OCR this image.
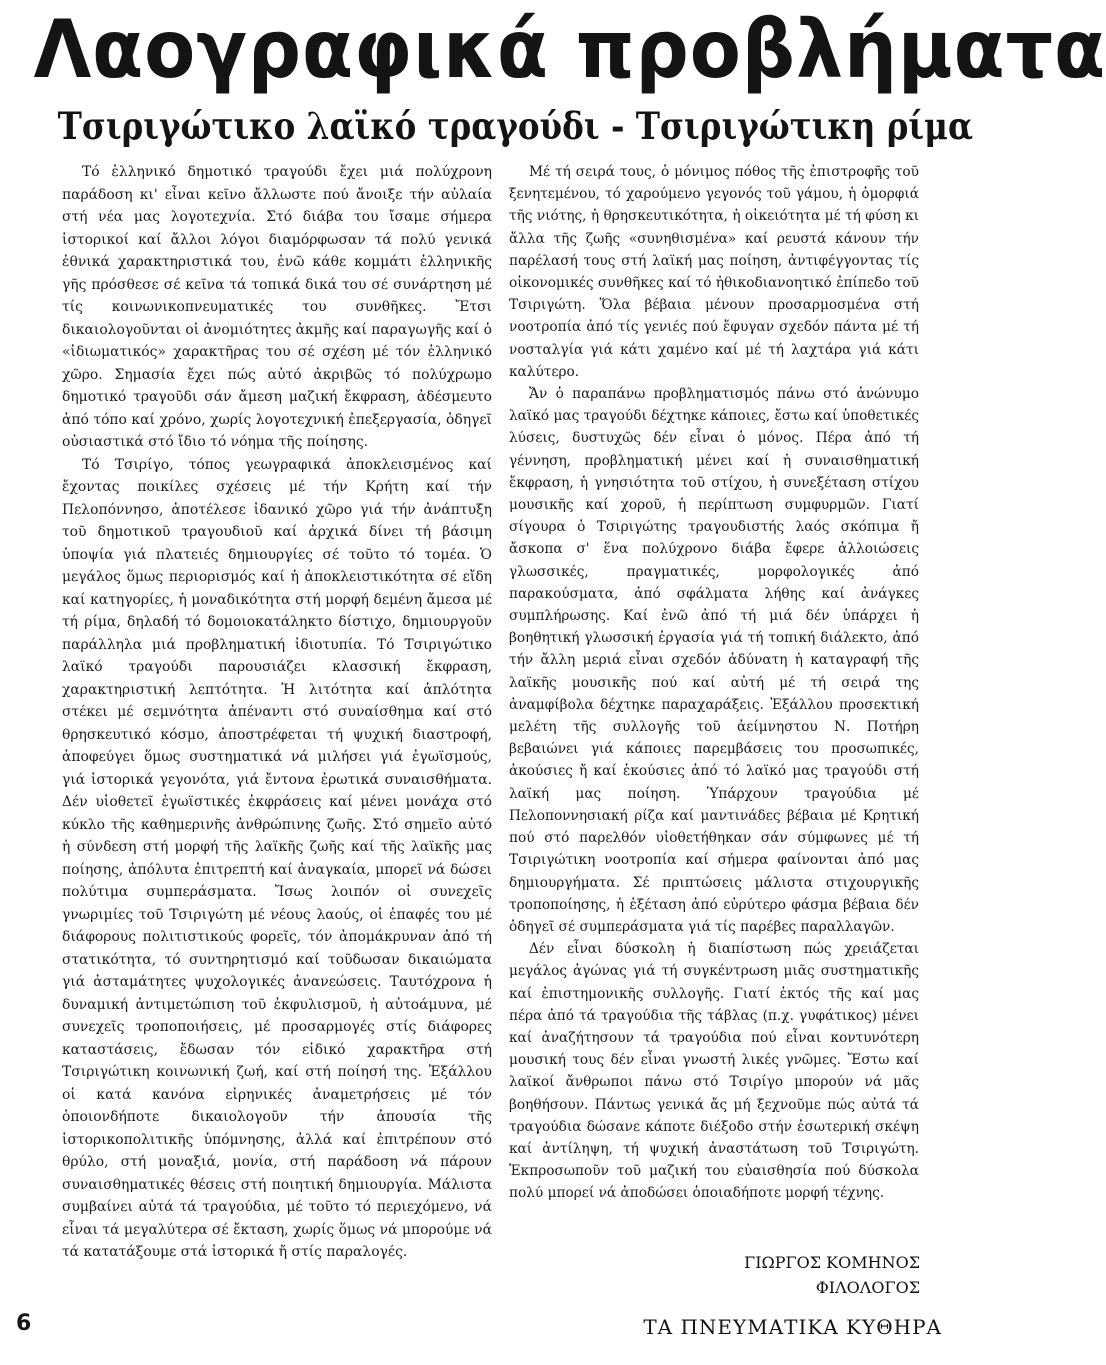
Λαογραφικά προβλήματα
Τσιριγώτικο λαϊκό τραγούδι - Τσιριγώτικη ρίμα

Τό ἑλληνικό δημοτικό τραγούδι ἔχει μιά πολύχρονη παράδοση κι' εἶναι κεῖνο ἄλλωστε πού ἄνοιξε τήν αὐλαία στή νέα μας λογοτεχνία. Στό διάβα του ἴσαμε σήμερα ἱστορικοί καί ἄλλοι λόγοι διαμόρφωσαν τά πολύ γενικά ἐθνικά χαρακτηριστικά του, ἐνῶ κάθε κομμάτι ἑλληνικῆς γῆς πρόσθεσε σέ κεῖνα τά τοπικά δικά του σέ συνάρτηση μέ τίς κοινωνικοπνευματικές του συνθῆκες. Ἔτσι δικαιολογοῦνται οἱ ἀνομιότητες ἀκμῆς καί παραγωγῆς καί ὁ «ἰδιωματικός» χαρακτῆρας του σέ σχέση μέ τόν ἑλληνικό χῶρο. Σημασία ἔχει πώς αὐτό ἀκριβῶς τό πολύχρωμο δημοτικό τραγοῦδι σάν ἄμεση μαζική ἔκφραση, ἀδέσμευτο ἀπό τόπο καί χρόνο, χωρίς λογοτεχνική ἐπεξεργασία, ὁδηγεῖ οὐσιαστικά στό ἴδιο τό νόημα τῆς ποίησης.

Τό Τσιρίγο, τόπος γεωγραφικά ἀποκλεισμένος καί ἔχοντας ποικίλες σχέσεις μέ τήν Κρήτη καί τήν Πελοπόννησο, ἀποτέλεσε ἰδανικό χῶρο γιά τήν ἀνάπτυξη τοῦ δημοτικοῦ τραγουδιοῦ καί ἀρχικά δίνει τή βάσιμη ὑποψία γιά πλατειές δημιουργίες σέ τοῦτο τό τομέα. Ὁ μεγάλος ὅμως περιορισμός καί ἡ ἀποκλειστικότητα σέ εἴδη καί κατηγορίες, ἡ μοναδικότητα στή μορφή δεμένη ἄμεσα μέ τή ρίμα, δηλαδή τό δομοιοκατάληκτο δίστιχο, δημιουργοῦν παράλληλα μιά προβληματική ἰδιοτυπία. Τό Τσιριγώτικο λαϊκό τραγούδι παρουσιάζει κλασσική ἔκφραση, χαρακτηριστική λεπτότητα. Ἡ λιτότητα καί ἁπλότητα στέκει μέ σεμνότητα ἀπέναντι στό συναίσθημα καί στό θρησκευτικό κόσμο, ἀποστρέφεται τή ψυχική διαστροφή, ἀποφεύγει ὅμως συστηματικά νά μιλήσει γιά ἐγωϊσμούς, γιά ἱστορικά γεγονότα, γιά ἔντονα ἐρωτικά συναισθήματα. Δέν υἱοθετεῖ ἐγωϊστικές ἐκφράσεις καί μένει μονάχα στό κύκλο τῆς καθημερινῆς ἀνθρώπινης ζωῆς. Στό σημεῖο αὐτό ἡ σύνδεση στή μορφή τῆς λαϊκῆς ζωῆς καί τῆς λαϊκῆς μας ποίησης, ἀπόλυτα ἐπιτρεπτή καί ἀναγκαία, μπορεῖ νά δώσει πολύτιμα συμπεράσματα. Ἴσως λοιπόν οἱ συνεχεῖς γνωριμίες τοῦ Τσιριγώτη μέ νέους λαούς, οἱ ἐπαφές του μέ διάφορους πολιτιστικούς φορεῖς, τόν ἀπομάκρυναν ἀπό τή στατικότητα, τό συντηρητισμό καί τοῦδωσαν δικαιώματα γιά ἀσταμάτητες ψυχολογικές ἀνανεώσεις. Ταυτόχρονα ἡ δυναμική ἀντιμετώπιση τοῦ ἐκφυλισμοῦ, ἡ αὐτοάμυνα, μέ συνεχεῖς τροποποιήσεις, μέ προσαρμογές στίς διάφορες καταστάσεις, ἔδωσαν τόν εἰδικό χαρακτῆρα στή Τσιριγώτικη κοινωνική ζωή, καί στή ποίησή της. Ἐξάλλου οἱ κατά κανόνα εἰρηνικές ἀναμετρήσεις μέ τόν ὁποιονδήποτε δικαιολογοῦν τήν ἀπουσία τῆς ἱστορικοπολιτικῆς ὑπόμνησης, ἀλλά καί ἐπιτρέπουν στό θρύλο, στή μοναξιά, μονία, στή παράδοση νά πάρουν συναισθηματικές θέσεις στή ποιητική δημιουργία. Μάλιστα συμβαίνει αὐτά τά τραγούδια, μέ τοῦτο τό περιεχόμενο, νά εἶναι τά μεγαλύτερα σέ ἔκταση, χωρίς ὅμως νά μπορούμε νά τά κατατάξουμε στά ἱστορικά ἤ στίς παραλογές.

Μέ τή σειρά τους, ὁ μόνιμος πόθος τῆς ἐπιστροφῆς τοῦ ξενητεμένου, τό χαρούμενο γεγονός τοῦ γάμου, ἡ ὀμορφιά τῆς νιότης, ἡ θρησκευτικότητα, ἡ οἰκειότητα μέ τή φύση κι ἄλλα τῆς ζωῆς «συνηθισμένα» καί ρευστά κάνουν τήν παρέλασή τους στή λαϊκή μας ποίηση, ἀντιφέγγοντας τίς οἰκονομικές συνθῆκες καί τό ἠθικοδιανοητικό ἐπίπεδο τοῦ Τσιριγώτη. Ὅλα βέβαια μένουν προσαρμοσμένα στή νοοτροπία ἀπό τίς γενιές πού ἔφυγαν σχεδόν πάντα μέ τή νοσταλγία γιά κάτι χαμένο καί μέ τή λαχτάρα γιά κάτι καλύτερο.

Ἄν ὁ παραπάνω προβληματισμός πάνω στό ἀνώνυμο λαϊκό μας τραγούδι δέχτηκε κάποιες, ἔστω καί ὑποθετικές λύσεις, δυστυχῶς δέν εἶναι ὁ μόνος. Πέρα ἀπό τή γέννηση, προβληματική μένει καί ἡ συναισθηματική ἔκφραση, ἡ γνησιότητα τοῦ στίχου, ἡ συνεξέταση στίχου μουσικῆς καί χοροῦ, ἡ περίπτωση συμφυρμῶν. Γιατί σίγουρα ὁ Τσιριγώτης τραγουδιστής λαός σκόπιμα ἤ ἄσκοπα σ' ἕνα πολύχρονο διάβα ἔφερε ἀλλοιώσεις γλωσσικές, πραγματικές, μορφολογικές ἀπό παρακούσματα, ἀπό σφάλματα λήθης καί ἀνάγκες συμπλήρωσης. Καί ἐνῶ ἀπό τή μιά δέν ὑπάρχει ἡ βοηθητική γλωσσική ἐργασία γιά τή τοπική διάλεκτο, ἀπό τήν ἄλλη μεριά εἶναι σχεδόν ἀδύνατη ἡ καταγραφή τῆς λαϊκῆς μουσικῆς πού καί αὐτή μέ τή σειρά της ἀναμφίβολα δέχτηκε παραχαράξεις. Ἐξάλλου προσεκτική μελέτη τῆς συλλογῆς τοῦ ἀείμνηστου Ν. Ποτήρη βεβαιώνει γιά κάποιες παρεμβάσεις του προσωπικές, ἀκούσιες ἤ καί ἑκούσιες ἀπό τό λαϊκό μας τραγούδι στή λαϊκή μας ποίηση. Ὑπάρχουν τραγούδια μέ Πελοποννησιακή ρίζα καί μαντινάδες βέβαια μέ Κρητική πού στό παρελθόν υἱοθετήθηκαν σάν σύμφωνες μέ τή Τσιριγώτικη νοοτροπία καί σήμερα φαίνονται ἀπό μας δημιουργήματα. Σέ πριπτώσεις μάλιστα στιχουργικῆς τροποποίησης, ἡ ἐξέταση ἀπό εὐρύτερο φάσμα βέβαια δέν ὁδηγεῖ σέ συμπεράσματα γιά τίς παρέβες παραλλαγῶν.

Δέν εἶναι δύσκολη ἡ διαπίστωση πώς χρειάζεται μεγάλος ἀγώνας γιά τή συγκέντρωση μιᾶς συστηματικῆς καί ἐπιστημονικῆς συλλογῆς. Γιατί ἐκτός τῆς καί μας πέρα ἀπό τά τραγούδια τῆς τάβλας (π.χ. γυφάτικος) μένει καί ἀναζήτησουν τά τραγούδια πού εἶναι κοντυνότερη μουσική τους δέν εἶναι γνωστή λικές γνῶμες. Ἔστω καί λαϊκοί ἄνθρωποι πάνω στό Τσιρίγο μπορούν νά μᾶς βοηθήσουν. Πάντως γενικά ἄς μή ξεχνοῦμε πώς αὐτά τά τραγούδια δώσανε κάποτε διέξοδο στήν ἐσωτερική σκέψη καί ἀντίληψη, τή ψυχική ἀναστάτωση τοῦ Τσιριγώτη. Ἐκπροσωποῦν τοῦ μαζική του εὐαισθησία πού δύσκολα πολύ μπορεί νά ἀποδώσει ὁποιαδήποτε μορφή τέχνης.

ΓΙΩΡΓΟΣ ΚΟΜΗΝΟΣ
ΦΙΛΟΛΟΓΟΣ
6	ΤΑ ΠΝΕΥΜΑΤΙΚΑ ΚΥΘΗΡΑ
